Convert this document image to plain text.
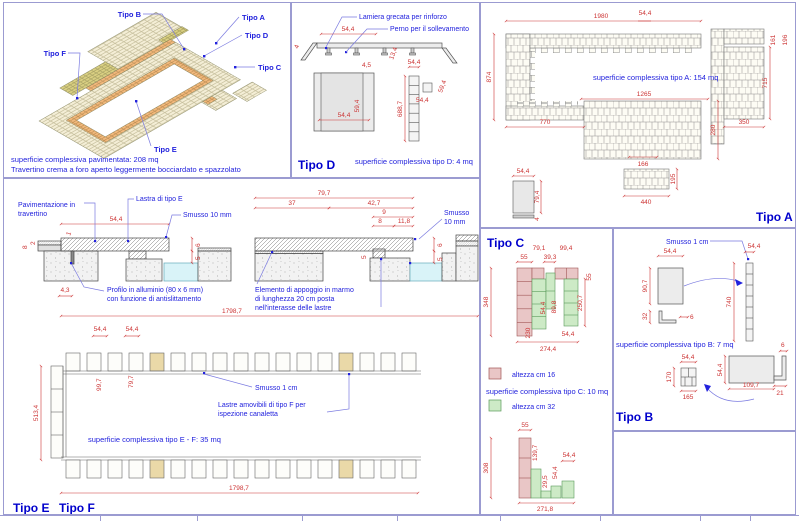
Tipo B	Tipo A
Tipo D
Tipo C
Tipo F
Tipo E
superficie complessiva pavimentata: 208 mq
Travertino crema a foro aperto leggermente bocciardato e spazzolato
Lamiera grecata per rinforzo
Perno per il sollevamento
54,4
4	13,4
4,5
59,4
54,4	688,7
54,4
54,4
59,4
superficie complessiva tipo D: 4 mq
Tipo D
1980	54,4
874
1265
770	350
280
166
161 196
715
440
195
54,4
79,4
4
superficie complessiva tipo A: 154 mq
Tipo A
54,4
1
2
8
6
5
4,3
Pavimentazione in
travertino
Lastra di tipo E
Smusso 10 mm
Profilo in alluminio (80 x 6 mm)
con funzione di antislittamento
79,7
37	42,7
9
8 11,8
6
5
5
Smusso
10 mm
Elemento di appoggio in marmo
di lunghezza 20 cm posta
nell'interasse delle lastre
1798,7
54,4	54,4
99,7	79,7
513,4
Smusso 1 cm
Lastre amovibili di tipo F per
ispezione canaletta
superficie complessiva tipo E - F: 35 mq
1798,7
Tipo E Tipo F
Tipo C 79,1 99,4
55 39,3
348
55
54,4 89,8	250,7
230	54,4
274,4
altezza cm 16
superficie complessiva tipo C: 10 mq
altezza cm 32
55
308
139,7
29,5
54,4
54,4
271,8
Smusso 1 cm
54,4
54,4
90,7
32	6
740
superficie complessiva tipo B: 7 mq
54,4
170
165
54,4
109,7
6
21
Tipo B
